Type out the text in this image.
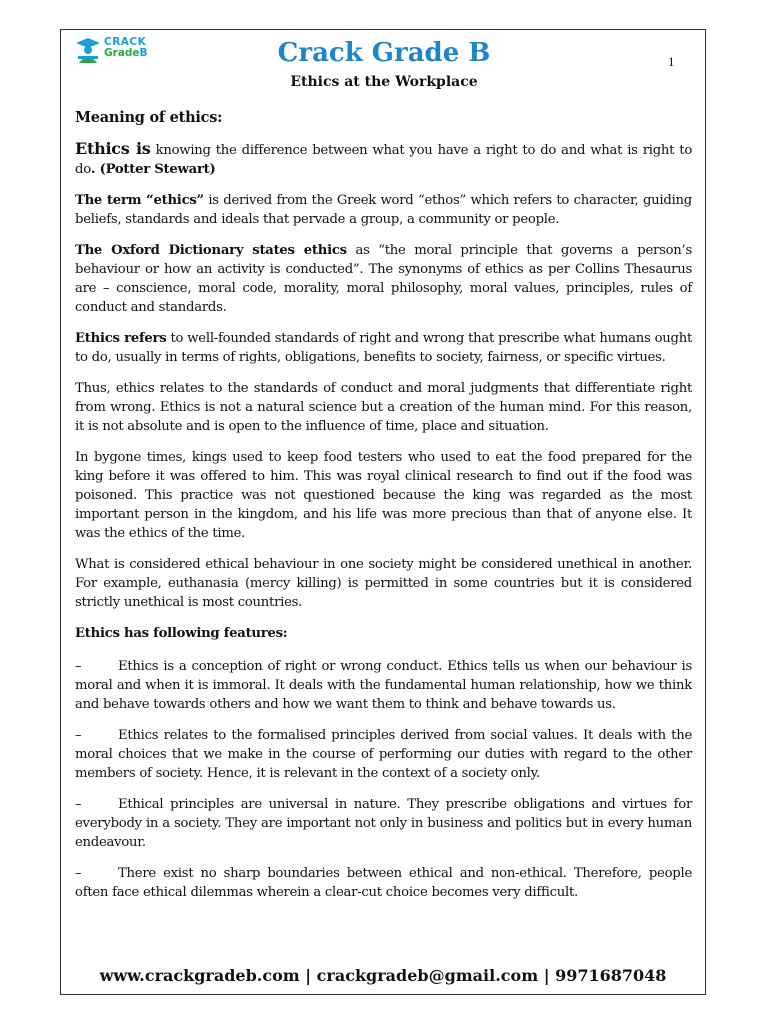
CRACK
GradeB	Crack Grade B
Ethics at the Workplace
1

Meaning of ethics:

Ethics is knowing the difference between what you have a right to do and what is right to do. (Potter Stewart)

The term “ethics” is derived from the Greek word “ethos” which refers to character, guiding beliefs, standards and ideals that pervade a group, a community or people.

The Oxford Dictionary states ethics as “the moral principle that governs a person’s behaviour or how an activity is conducted”. The synonyms of ethics as per Collins Thesaurus are – conscience, moral code, morality, moral philosophy, moral values, principles, rules of conduct and standards.

Ethics refers to well-founded standards of right and wrong that prescribe what humans ought to do, usually in terms of rights, obligations, benefits to society, fairness, or specific virtues.

Thus, ethics relates to the standards of conduct and moral judgments that differentiate right from wrong. Ethics is not a natural science but a creation of the human mind. For this reason, it is not absolute and is open to the influence of time, place and situation.

In bygone times, kings used to keep food testers who used to eat the food prepared for the king before it was offered to him. This was royal clinical research to find out if the food was poisoned. This practice was not questioned because the king was regarded as the most important person in the kingdom, and his life was more precious than that of anyone else. It was the ethics of the time.

What is considered ethical behaviour in one society might be considered unethical in another. For example, euthanasia (mercy killing) is permitted in some countries but it is considered strictly unethical is most countries.

Ethics has following features:

–	Ethics is a conception of right or wrong conduct. Ethics tells us when our behaviour is moral and when it is immoral. It deals with the fundamental human relationship, how we think and behave towards others and how we want them to think and behave towards us.

–	Ethics relates to the formalised principles derived from social values. It deals with the moral choices that we make in the course of performing our duties with regard to the other members of society. Hence, it is relevant in the context of a society only.

–	Ethical principles are universal in nature. They prescribe obligations and virtues for everybody in a society. They are important not only in business and politics but in every human endeavour.

–	There exist no sharp boundaries between ethical and non-ethical. Therefore, people often face ethical dilemmas wherein a clear-cut choice becomes very difficult.

www.crackgradeb.com | crackgradeb@gmail.com | 9971687048
